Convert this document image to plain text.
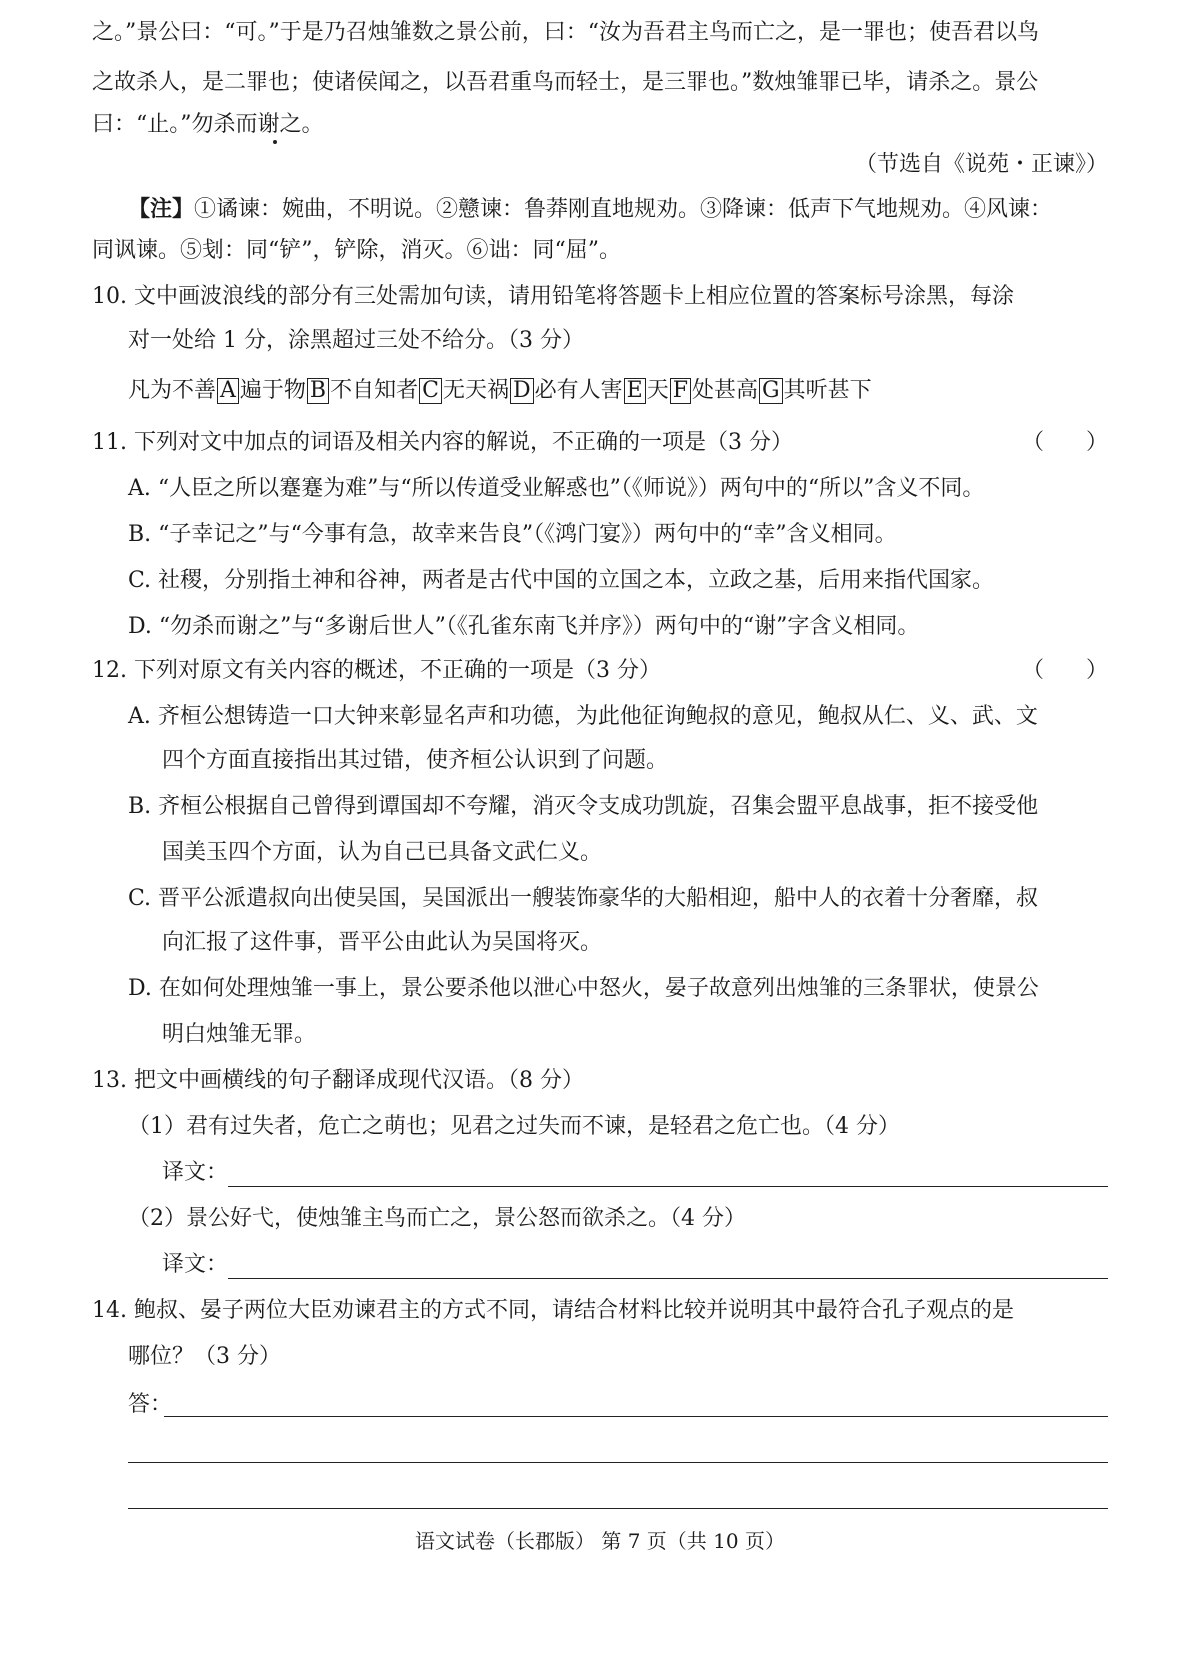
之。”景公曰：“可。”于是乃召烛雏数之景公前，曰：“汝为吾君主鸟而亡之，是一罪也；使吾君以鸟
之故杀人，是二罪也；使诸侯闻之，以吾君重鸟而轻士，是三罪也。”数烛雏罪已毕，请杀之。景公
曰：“止。”勿杀而谢之。
（节选自《说苑・正谏》）
【注】①谲谏：婉曲，不明说。②戆谏：鲁莽刚直地规劝。③降谏：低声下气地规劝。④风谏：
同讽谏。⑤刬：同“铲”，铲除，消灭。⑥诎：同“屈”。
10. 文中画波浪线的部分有三处需加句读，请用铅笔将答题卡上相应位置的答案标号涂黑，每涂
对一处给 1 分，涂黑超过三处不给分。（3 分）
凡为不善 A 遍于物 B 不自知者 C 无天祸 D 必有人害 E 天 F 处甚高 G 其听甚下
11. 下列对文中加点的词语及相关内容的解说，不正确的一项是（3 分）	（      ）
A. “人臣之所以蹇蹇为难”与“所以传道受业解惑也”（《师说》）两句中的“所以”含义不同。
B. “子幸记之”与“今事有急，故幸来告良”（《鸿门宴》）两句中的“幸”含义相同。
C. 社稷，分别指土神和谷神，两者是古代中国的立国之本，立政之基，后用来指代国家。
D. “勿杀而谢之”与“多谢后世人”（《孔雀东南飞并序》）两句中的“谢”字含义相同。
12. 下列对原文有关内容的概述，不正确的一项是（3 分）	（      ）
A. 齐桓公想铸造一口大钟来彰显名声和功德，为此他征询鲍叔的意见，鲍叔从仁、义、武、文
四个方面直接指出其过错，使齐桓公认识到了问题。
B. 齐桓公根据自己曾得到谭国却不夸耀，消灭令支成功凯旋，召集会盟平息战事，拒不接受他
国美玉四个方面，认为自己已具备文武仁义。
C. 晋平公派遣叔向出使吴国，吴国派出一艘装饰豪华的大船相迎，船中人的衣着十分奢靡，叔
向汇报了这件事，晋平公由此认为吴国将灭。
D. 在如何处理烛雏一事上，景公要杀他以泄心中怒火，晏子故意列出烛雏的三条罪状，使景公
明白烛雏无罪。
13. 把文中画横线的句子翻译成现代汉语。（8 分）
（1）君有过失者，危亡之萌也；见君之过失而不谏，是轻君之危亡也。（4 分）
译文：
（2）景公好弋，使烛雏主鸟而亡之，景公怒而欲杀之。（4 分）
译文：
14. 鲍叔、晏子两位大臣劝谏君主的方式不同，请结合材料比较并说明其中最符合孔子观点的是
哪位？（3 分）
答：
语文试卷（长郡版） 第 7 页（共 10 页）
